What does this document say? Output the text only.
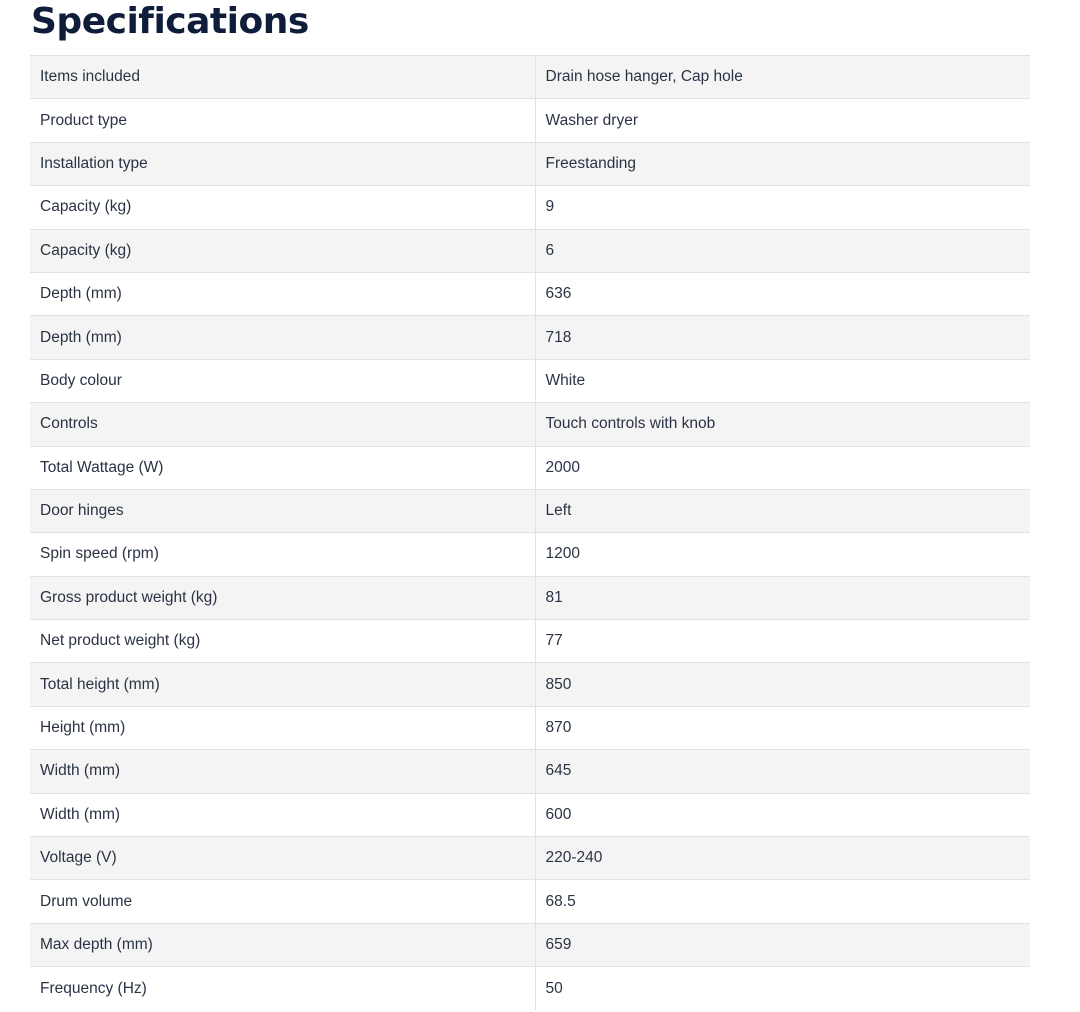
Specifications
Items included	Drain hose hanger, Cap hole
Product type	Washer dryer
Installation type	Freestanding
Capacity (kg)	9
Capacity (kg)	6
Depth (mm)	636
Depth (mm)	718
Body colour	White
Controls	Touch controls with knob
Total Wattage (W)	2000
Door hinges	Left
Spin speed (rpm)	1200
Gross product weight (kg)	81
Net product weight (kg)	77
Total height (mm)	850
Height (mm)	870
Width (mm)	645
Width (mm)	600
Voltage (V)	220-240
Drum volume	68.5
Max depth (mm)	659
Frequency (Hz)	50
